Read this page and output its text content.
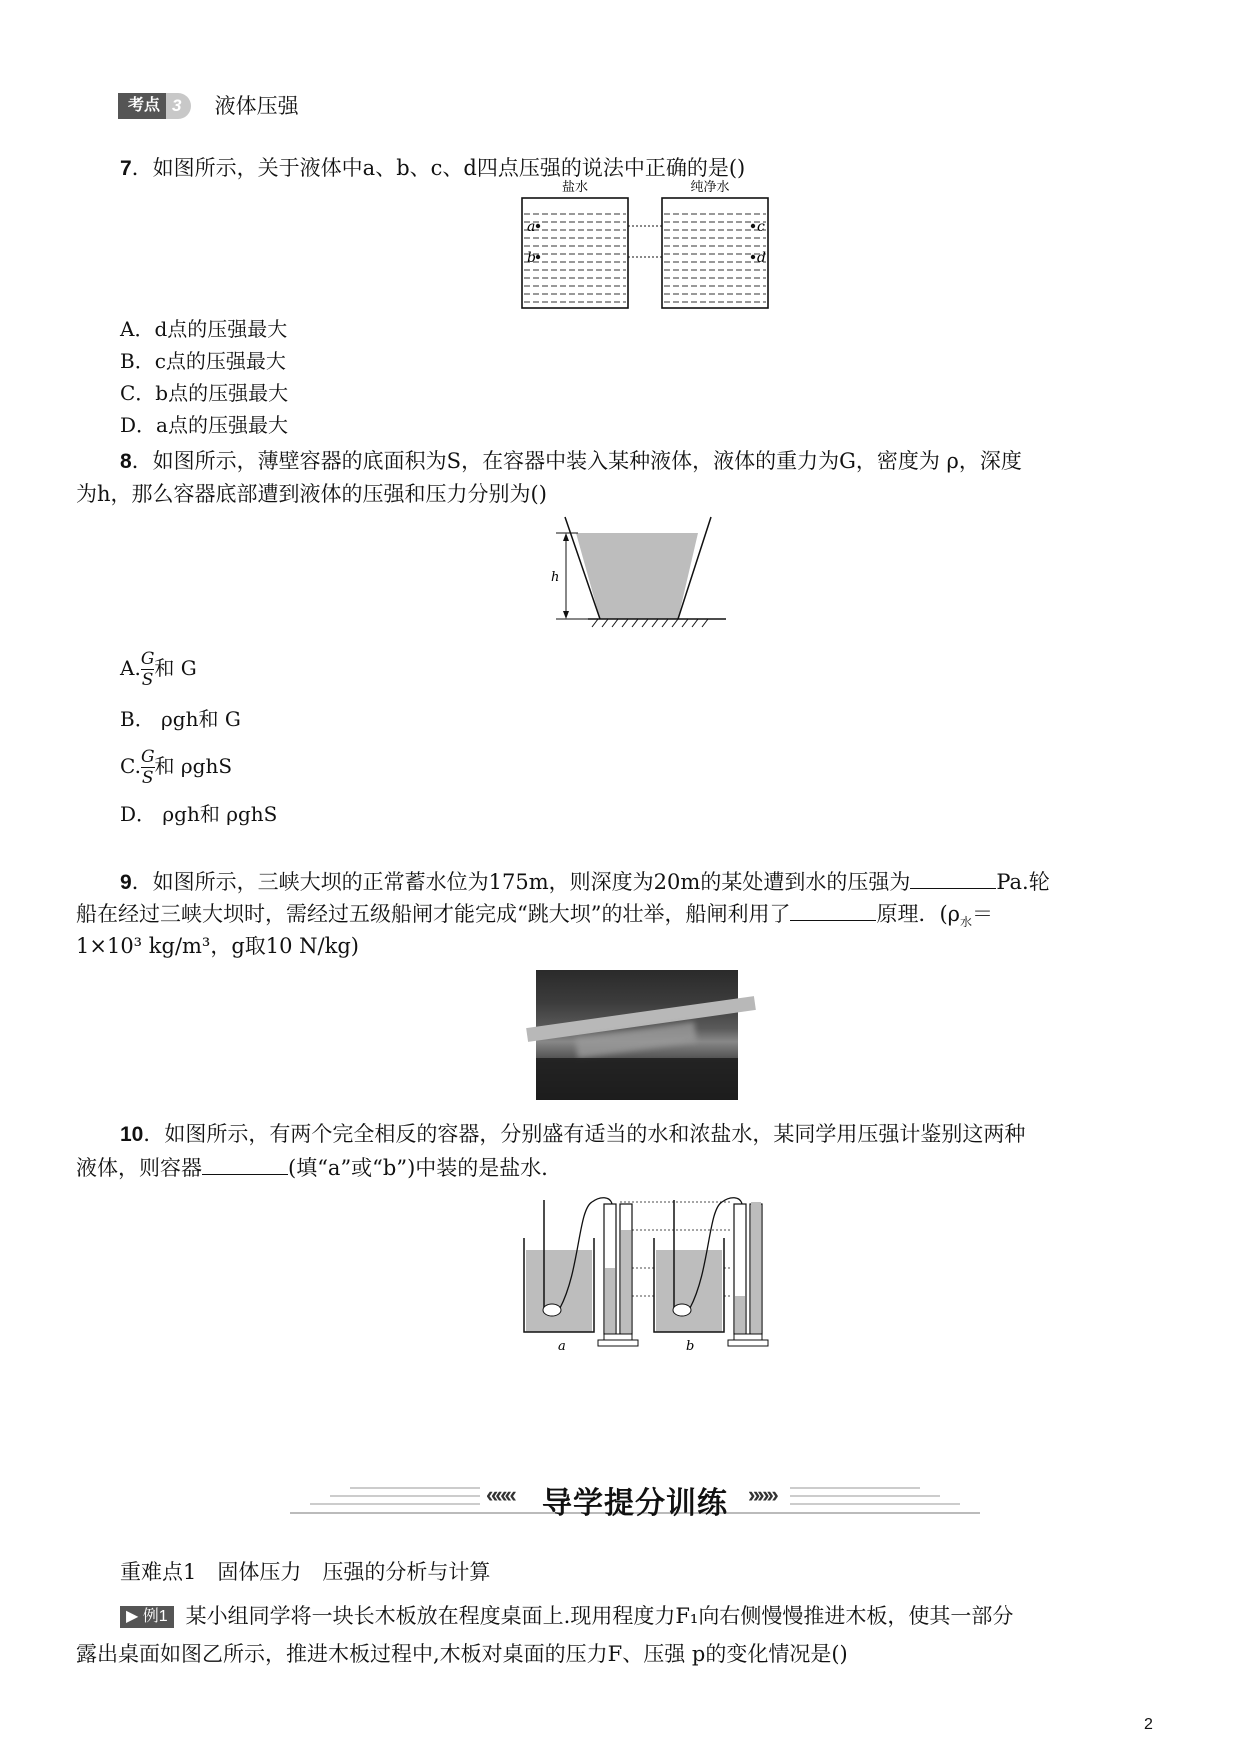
考点 3	液体压强
7．如图所示，关于液体中a、b、c、d四点压强的说法中正确的是()
盐水	纯净水
a
b
c
d
A．d点的压强最大
B．c点的压强最大
C．b点的压强最大
D．a点的压强最大
8．如图所示，薄壁容器的底面积为S，在容器中装入某种液体，液体的重力为G，密度为 ρ，深度
为h，那么容器底部遭到液体的压强和压力分别为()
h
A. $\frac{G}{S}$ 和 G
B． ρgh和 G
C. $\frac{G}{S}$ 和 ρghS
D． ρgh和 ρghS
9．如图所示，三峡大坝的正常蓄水位为175m，则深度为20m的某处遭到水的压强为	Pa.轮
船在经过三峡大坝时，需经过五级船闸才能完成“跳大坝”的壮举，船闸利用了	原理．($\rho_水=$
1×10³ kg/m³，g取10 N/kg)
10．如图所示，有两个完全相反的容器，分别盛有适当的水和浓盐水，某同学用压强计鉴别这两种
液体，则容器	(填“a”或“b”)中装的是盐水．
a	b
««« 导学提分训练 »»»
重难点1　固体压力　压强的分析与计算
▶ 例1 某小组同学将一块长木板放在程度桌面上.现用程度力F₁向右侧慢慢推进木板，使其一部分
露出桌面如图乙所示，推进木板过程中,木板对桌面的压力F、压强 p的变化情况是()
2
